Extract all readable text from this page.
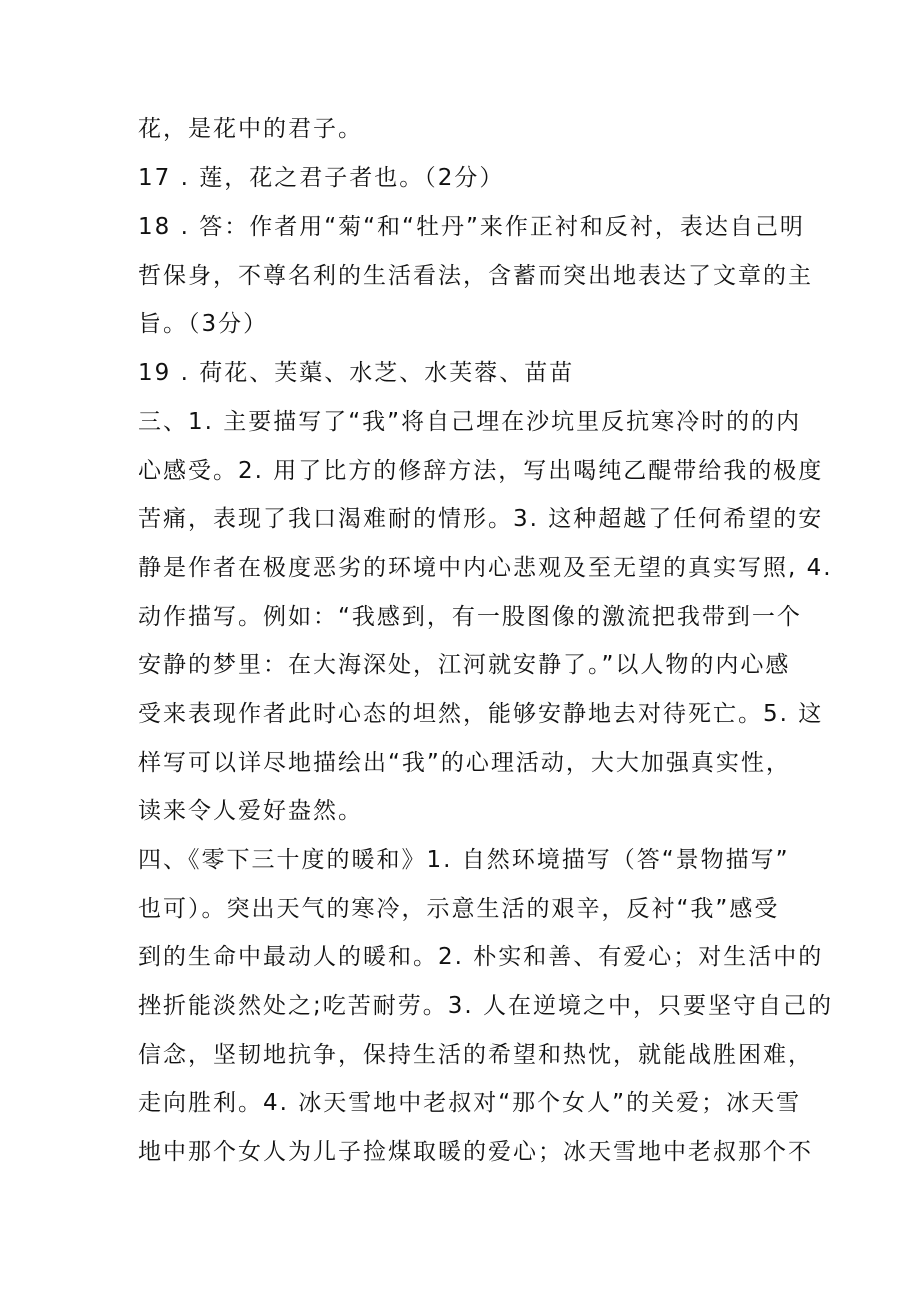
花，是花中的君子。
17 . 莲，花之君子者也。（2分）
18 . 答：作者用“菊“和“牡丹”来作正衬和反衬，表达自己明
哲保身，不尊名利的生活看法，含蓄而突出地表达了文章的主
旨。（3分）
19 . 荷花、芙蕖、水芝、水芙蓉、苗苗
三、1. 主要描写了“我”将自己埋在沙坑里反抗寒冷时的的内
心感受。2. 用了比方的修辞方法，写出喝纯乙醍带给我的极度
苦痛，表现了我口渴难耐的情形。3. 这种超越了任何希望的安
静是作者在极度恶劣的环境中内心悲观及至无望的真实写照, 4.
动作描写。例如：“我感到，有一股图像的激流把我带到一个
安静的梦里：在大海深处，江河就安静了。”以人物的内心感
受来表现作者此时心态的坦然，能够安静地去对待死亡。5. 这
样写可以详尽地描绘出“我”的心理活动，大大加强真实性，
读来令人爱好盎然。
四、《零下三十度的暖和》1. 自然环境描写（答“景物描写”
也可）。突出天气的寒冷，示意生活的艰辛，反衬“我”感受
到的生命中最动人的暖和。2. 朴实和善、有爱心；对生活中的
挫折能淡然处之;吃苦耐劳。3. 人在逆境之中，只要坚守自己的
信念，坚韧地抗争，保持生活的希望和热忱，就能战胜困难，
走向胜利。4. 冰天雪地中老叔对“那个女人”的关爱；冰天雪
地中那个女人为儿子捡煤取暖的爱心；冰天雪地中老叔那个不
